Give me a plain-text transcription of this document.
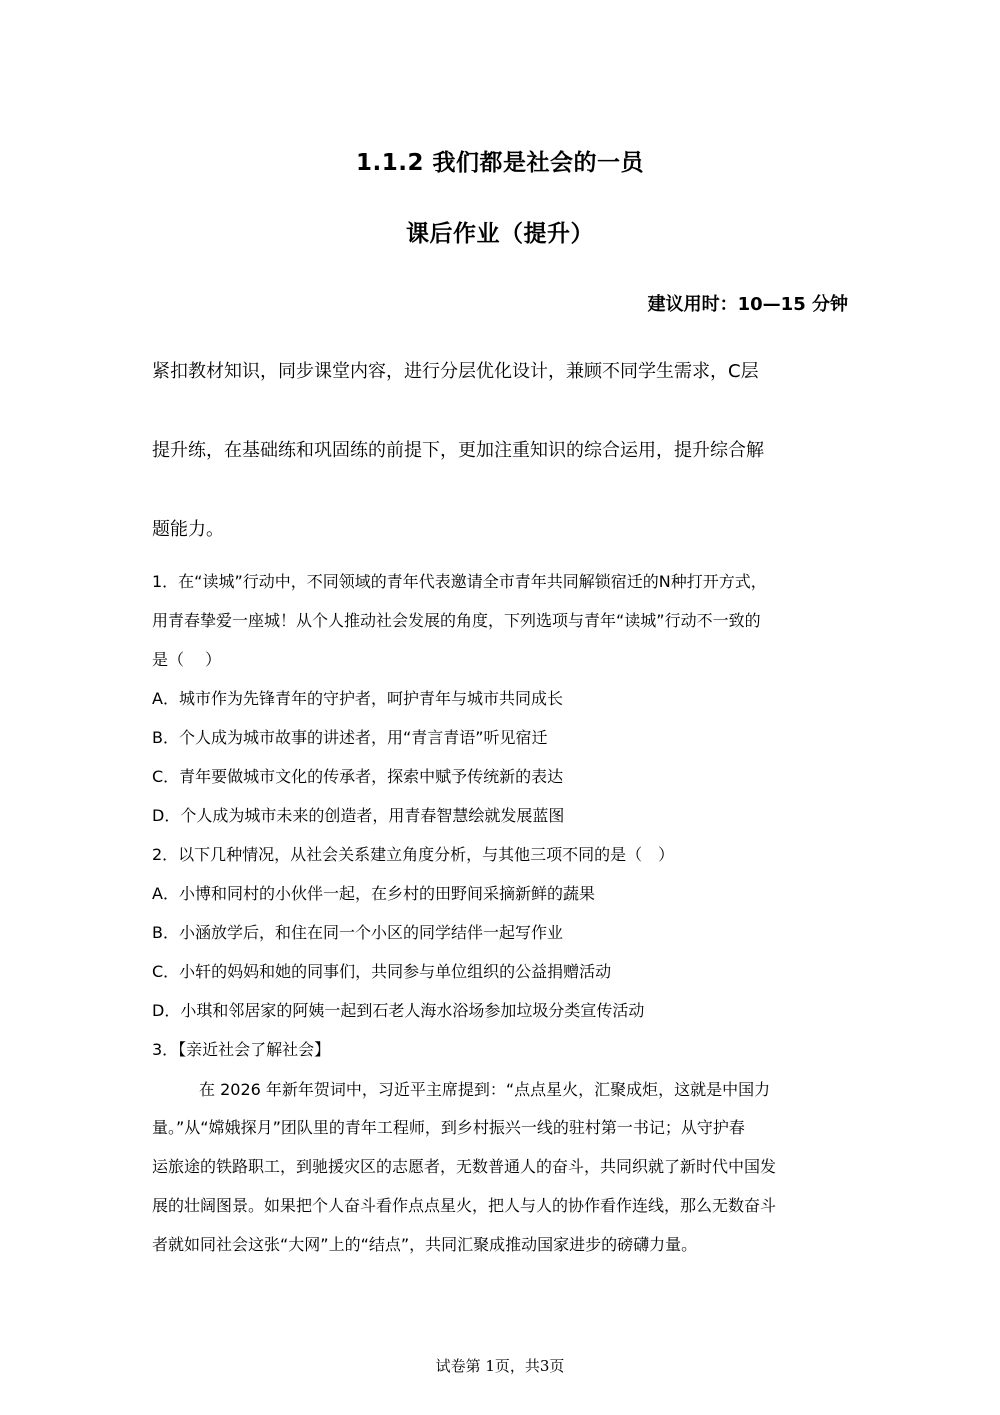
1.1.2 我们都是社会的一员
课后作业（提升）
建议用时：10—15 分钟
紧扣教材知识，同步课堂内容，进行分层优化设计，兼顾不同学生需求，C层
提升练，在基础练和巩固练的前提下，更加注重知识的综合运用，提升综合解
题能力。
1．在“读城”行动中，不同领域的青年代表邀请全市青年共同解锁宿迁的N种打开方式，
用青春挚爱一座城！从个人推动社会发展的角度，下列选项与青年“读城”行动不一致的
是（　 ）
A．城市作为先锋青年的守护者，呵护青年与城市共同成长
B．个人成为城市故事的讲述者，用“青言青语”听见宿迁
C．青年要做城市文化的传承者，探索中赋予传统新的表达
D．个人成为城市未来的创造者，用青春智慧绘就发展蓝图
2．以下几种情况，从社会关系建立角度分析，与其他三项不同的是（　）
A．小博和同村的小伙伴一起，在乡村的田野间采摘新鲜的蔬果
B．小涵放学后，和住在同一个小区的同学结伴一起写作业
C．小轩的妈妈和她的同事们，共同参与单位组织的公益捐赠活动
D．小琪和邻居家的阿姨一起到石老人海水浴场参加垃圾分类宣传活动
3．【亲近社会了解社会】
在 2026 年新年贺词中，习近平主席提到：“点点星火，汇聚成炬，这就是中国力
量。”从“嫦娥探月”团队里的青年工程师，到乡村振兴一线的驻村第一书记；从守护春
运旅途的铁路职工，到驰援灾区的志愿者，无数普通人的奋斗，共同织就了新时代中国发
展的壮阔图景。如果把个人奋斗看作点点星火，把人与人的协作看作连线，那么无数奋斗
者就如同社会这张“大网”上的“结点”，共同汇聚成推动国家进步的磅礴力量。
试卷第 1页，共3页
